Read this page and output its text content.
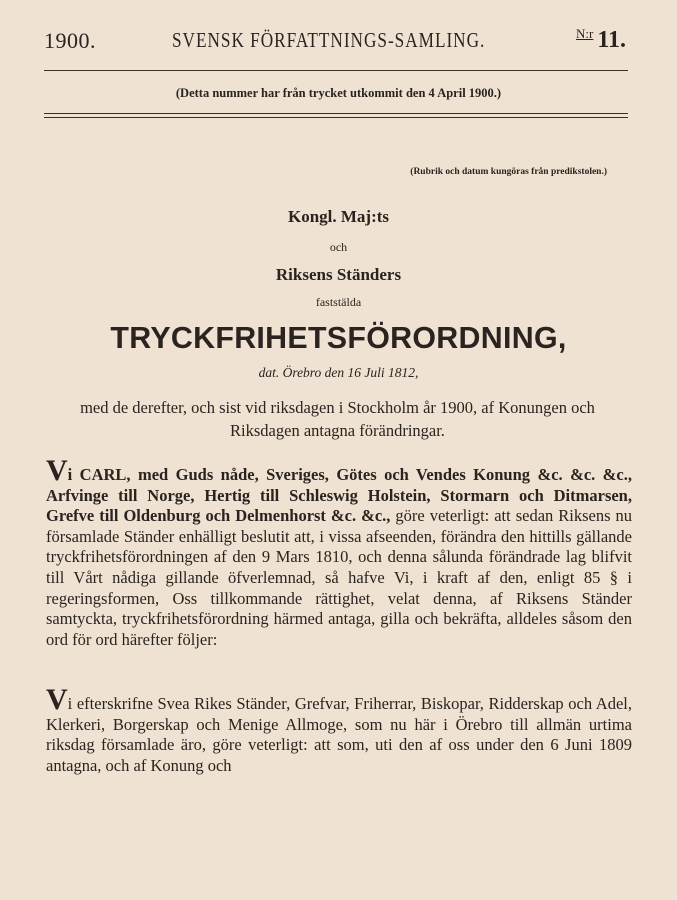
1900.	SVENSK FÖRFATTNINGS-SAMLING.	$^{N:r}$ 11.
(Detta nummer har från trycket utkommit den 4 April 1900.)
(Rubrik och datum kungöras från predikstolen.)
Kongl. Maj:ts
och
Riksens Ständers
faststälda
TRYCKFRIHETSFÖRORDNING,
dat. Örebro den 16 Juli 1812,
med de derefter, och sist vid riksdagen i Stockholm år 1900, af Konungen och Riksdagen antagna förändringar.
Vi CARL, med Guds nåde, Sveriges, Götes och Vendes Konung &c. &c. &c., Arfvinge till Norge, Hertig till Schleswig Holstein, Stormarn och Ditmarsen, Grefve till Oldenburg och Delmenhorst &c. &c., göre veterligt: att sedan Riksens nu församlade Ständer enhälligt beslutit att, i vissa afseenden, förändra den hittills gällande tryckfrihetsförordningen af den 9 Mars 1810, och denna sålunda förändrade lag blifvit till Vårt nådiga gillande öfverlemnad, så hafve Vi, i kraft af den, enligt 85 § i regeringsformen, Oss tillkommande rättighet, velat denna, af Riksens Ständer samtyckta, tryckfrihetsförordning härmed antaga, gilla och bekräfta, alldeles såsom den ord för ord härefter följer:
Vi efterskrifne Svea Rikes Ständer, Grefvar, Friherrar, Biskopar, Ridderskap och Adel, Klerkeri, Borgerskap och Menige Allmoge, som nu här i Örebro till allmän urtima riksdag församlade äro, göre veterligt: att som, uti den af oss under den 6 Juni 1809 antagna, och af Konung och
